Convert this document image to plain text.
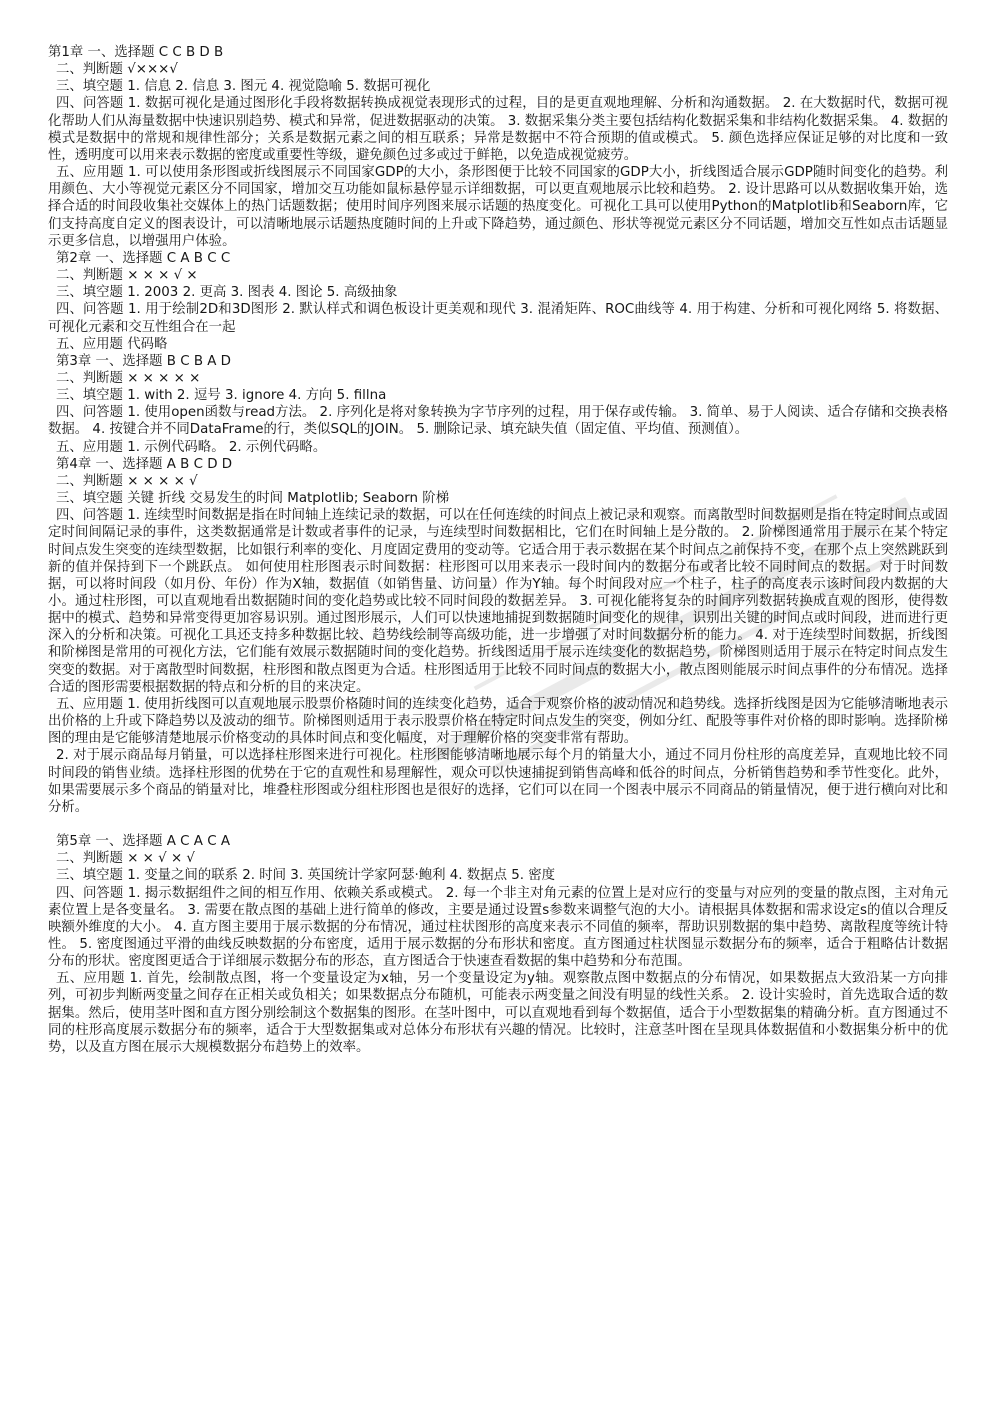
第1章 一、选择题 C C B D B

二、判断题 √×××√

三、填空题 1. 信息 2. 信息 3. 图元 4. 视觉隐喻 5. 数据可视化

四、问答题 1. 数据可视化是通过图形化手段将数据转换成视觉表现形式的过程，目的是更直观地理解、分析和沟通数据。 2. 在大数据时代，数据可视化帮助人们从海量数据中快速识别趋势、模式和异常，促进数据驱动的决策。 3. 数据采集分类主要包括结构化数据采集和非结构化数据采集。 4. 数据的模式是数据中的常规和规律性部分；关系是数据元素之间的相互联系；异常是数据中不符合预期的值或模式。 5. 颜色选择应保证足够的对比度和一致性，透明度可以用来表示数据的密度或重要性等级，避免颜色过多或过于鲜艳，以免造成视觉疲劳。

五、应用题 1. 可以使用条形图或折线图展示不同国家GDP的大小，条形图便于比较不同国家的GDP大小，折线图适合展示GDP随时间变化的趋势。利用颜色、大小等视觉元素区分不同国家，增加交互功能如鼠标悬停显示详细数据，可以更直观地展示比较和趋势。 2. 设计思路可以从数据收集开始，选择合适的时间段收集社交媒体上的热门话题数据；使用时间序列图来展示话题的热度变化。可视化工具可以使用Python的Matplotlib和Seaborn库，它们支持高度自定义的图表设计，可以清晰地展示话题热度随时间的上升或下降趋势，通过颜色、形状等视觉元素区分不同话题，增加交互性如点击话题显示更多信息，以增强用户体验。

第2章 一、选择题 C A B C C

二、判断题 × × × √ ×

三、填空题 1. 2003 2. 更高 3. 图表 4. 图论 5. 高级抽象

四、问答题 1. 用于绘制2D和3D图形 2. 默认样式和调色板设计更美观和现代 3. 混淆矩阵、ROC曲线等 4. 用于构建、分析和可视化网络 5. 将数据、可视化元素和交互性组合在一起

五、应用题 代码略

第3章 一、选择题 B C B A D

二、判断题 × × × × ×

三、填空题 1. with 2. 逗号 3. ignore 4. 方向 5. fillna

四、问答题 1. 使用open函数与read方法。 2. 序列化是将对象转换为字节序列的过程，用于保存或传输。 3. 简单、易于人阅读、适合存储和交换表格数据。 4. 按键合并不同DataFrame的行，类似SQL的JOIN。 5. 删除记录、填充缺失值（固定值、平均值、预测值）。

五、应用题 1. 示例代码略。 2. 示例代码略。

第4章 一、选择题 A B C D D

二、判断题 × × × × √

三、填空题 关键 折线 交易发生的时间 Matplotlib; Seaborn 阶梯

四、问答题 1. 连续型时间数据是指在时间轴上连续记录的数据，可以在任何连续的时间点上被记录和观察。而离散型时间数据则是指在特定时间点或固定时间间隔记录的事件，这类数据通常是计数或者事件的记录，与连续型时间数据相比，它们在时间轴上是分散的。 2. 阶梯图通常用于展示在某个特定时间点发生突变的连续型数据，比如银行利率的变化、月度固定费用的变动等。它适合用于表示数据在某个时间点之前保持不变，在那个点上突然跳跃到新的值并保持到下一个跳跃点。 如何使用柱形图表示时间数据：柱形图可以用来表示一段时间内的数据分布或者比较不同时间点的数据。对于时间数据，可以将时间段（如月份、年份）作为X轴，数据值（如销售量、访问量）作为Y轴。每个时间段对应一个柱子，柱子的高度表示该时间段内数据的大小。通过柱形图，可以直观地看出数据随时间的变化趋势或比较不同时间段的数据差异。 3. 可视化能将复杂的时间序列数据转换成直观的图形，使得数据中的模式、趋势和异常变得更加容易识别。通过图形展示，人们可以快速地捕捉到数据随时间变化的规律，识别出关键的时间点或时间段，进而进行更深入的分析和决策。可视化工具还支持多种数据比较、趋势线绘制等高级功能，进一步增强了对时间数据分析的能力。 4. 对于连续型时间数据，折线图和阶梯图是常用的可视化方法，它们能有效展示数据随时间的变化趋势。折线图适用于展示连续变化的数据趋势，阶梯图则适用于展示在特定时间点发生突变的数据。对于离散型时间数据，柱形图和散点图更为合适。柱形图适用于比较不同时间点的数据大小，散点图则能展示时间点事件的分布情况。选择合适的图形需要根据数据的特点和分析的目的来决定。

五、应用题 1. 使用折线图可以直观地展示股票价格随时间的连续变化趋势，适合于观察价格的波动情况和趋势线。选择折线图是因为它能够清晰地表示出价格的上升或下降趋势以及波动的细节。阶梯图则适用于表示股票价格在特定时间点发生的突变，例如分红、配股等事件对价格的即时影响。选择阶梯图的理由是它能够清楚地展示价格变动的具体时间点和变化幅度，对于理解价格的突变非常有帮助。

2. 对于展示商品每月销量，可以选择柱形图来进行可视化。柱形图能够清晰地展示每个月的销量大小，通过不同月份柱形的高度差异，直观地比较不同时间段的销售业绩。选择柱形图的优势在于它的直观性和易理解性，观众可以快速捕捉到销售高峰和低谷的时间点，分析销售趋势和季节性变化。此外，如果需要展示多个商品的销量对比，堆叠柱形图或分组柱形图也是很好的选择，它们可以在同一个图表中展示不同商品的销量情况，便于进行横向对比和分析。

第5章 一、选择题 A C A C A

二、判断题 × × √ × √

三、填空题 1. 变量之间的联系 2. 时间 3. 英国统计学家阿瑟·鲍利 4. 数据点 5. 密度

四、问答题 1. 揭示数据组件之间的相互作用、依赖关系或模式。 2. 每一个非主对角元素的位置上是对应行的变量与对应列的变量的散点图，主对角元素位置上是各变量名。 3. 需要在散点图的基础上进行简单的修改，主要是通过设置s参数来调整气泡的大小。请根据具体数据和需求设定s的值以合理反映额外维度的大小。 4. 直方图主要用于展示数据的分布情况，通过柱状图形的高度来表示不同值的频率，帮助识别数据的集中趋势、离散程度等统计特性。 5. 密度图通过平滑的曲线反映数据的分布密度，适用于展示数据的分布形状和密度。直方图通过柱状图显示数据分布的频率，适合于粗略估计数据分布的形状。密度图更适合于详细展示数据分布的形态，直方图适合于快速查看数据的集中趋势和分布范围。

五、应用题 1. 首先，绘制散点图，将一个变量设定为x轴，另一个变量设定为y轴。观察散点图中数据点的分布情况，如果数据点大致沿某一方向排列，可初步判断两变量之间存在正相关或负相关；如果数据点分布随机，可能表示两变量之间没有明显的线性关系。 2. 设计实验时，首先选取合适的数据集。然后，使用茎叶图和直方图分别绘制这个数据集的图形。在茎叶图中，可以直观地看到每个数据值，适合于小型数据集的精确分析。直方图通过不同的柱形高度展示数据分布的频率，适合于大型数据集或对总体分布形状有兴趣的情况。比较时，注意茎叶图在呈现具体数据值和小数据集分析中的优势，以及直方图在展示大规模数据分布趋势上的效率。
